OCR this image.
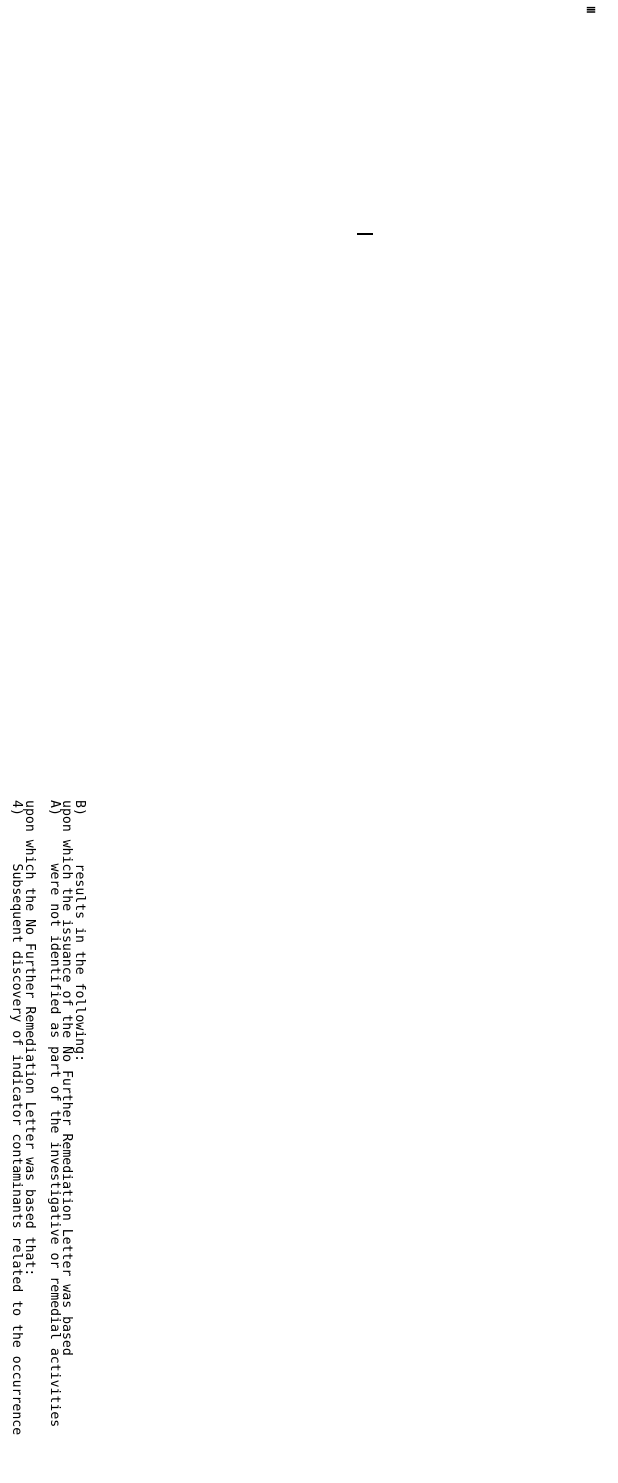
Ⅲ
B)      results in the following:
upon which the issuance of the No Further Remediation Letter was based
A)      were not identified as part of the investigative or remedial activities
upon which the No Further Remediation Letter was based that:
4)      Subsequent discovery of indicator contaminants related to the occurrence
